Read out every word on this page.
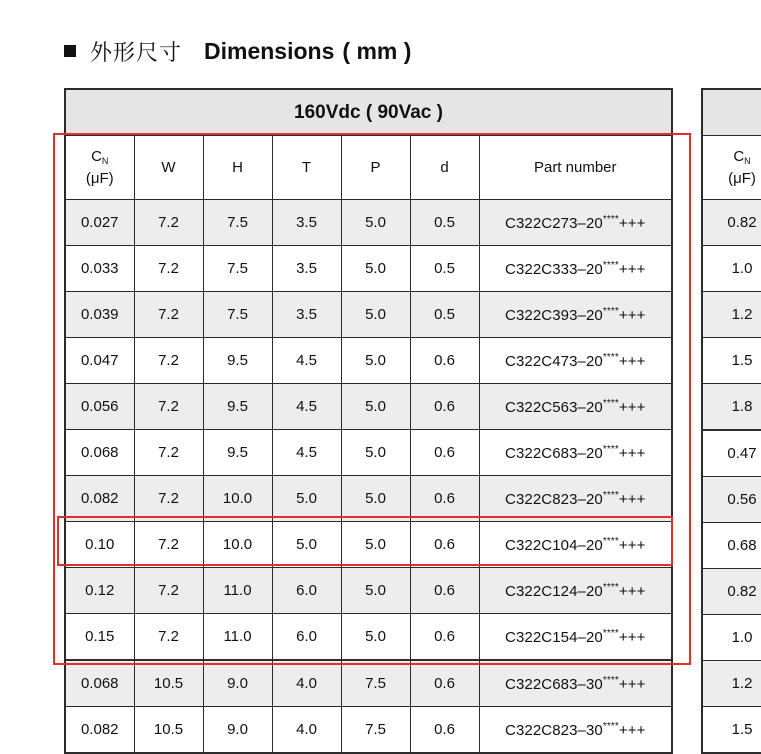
外形尺寸 Dimensions ( mm )
160Vdc ( 90Vac )						

$C_N$
(μF)	W	H	T	P	d	Part number
0.027	7.2	7.5	3.5	5.0	0.5	C322C273–20****+++
0.033	7.2	7.5	3.5	5.0	0.5	C322C333–20****+++
0.039	7.2	7.5	3.5	5.0	0.5	C322C393–20****+++
0.047	7.2	9.5	4.5	5.0	0.6	C322C473–20****+++
0.056	7.2	9.5	4.5	5.0	0.6	C322C563–20****+++
0.068	7.2	9.5	4.5	5.0	0.6	C322C683–20****+++
0.082	7.2	10.0	5.0	5.0	0.6	C322C823–20****+++
0.10	7.2	10.0	5.0	5.0	0.6	C322C104–20****+++
0.12	7.2	11.0	6.0	5.0	0.6	C322C124–20****+++
0.15	7.2	11.0	6.0	5.0	0.6	C322C154–20****+++
0.068	10.5	9.0	4.0	7.5	0.6	C322C683–30****+++
0.082	10.5	9.0	4.0	7.5	0.6	C322C823–30****+++

$C_N$
(μF)

0.82
1.0
1.2
1.5
1.8
0.47
0.56
0.68
0.82
1.0
1.2
1.5
